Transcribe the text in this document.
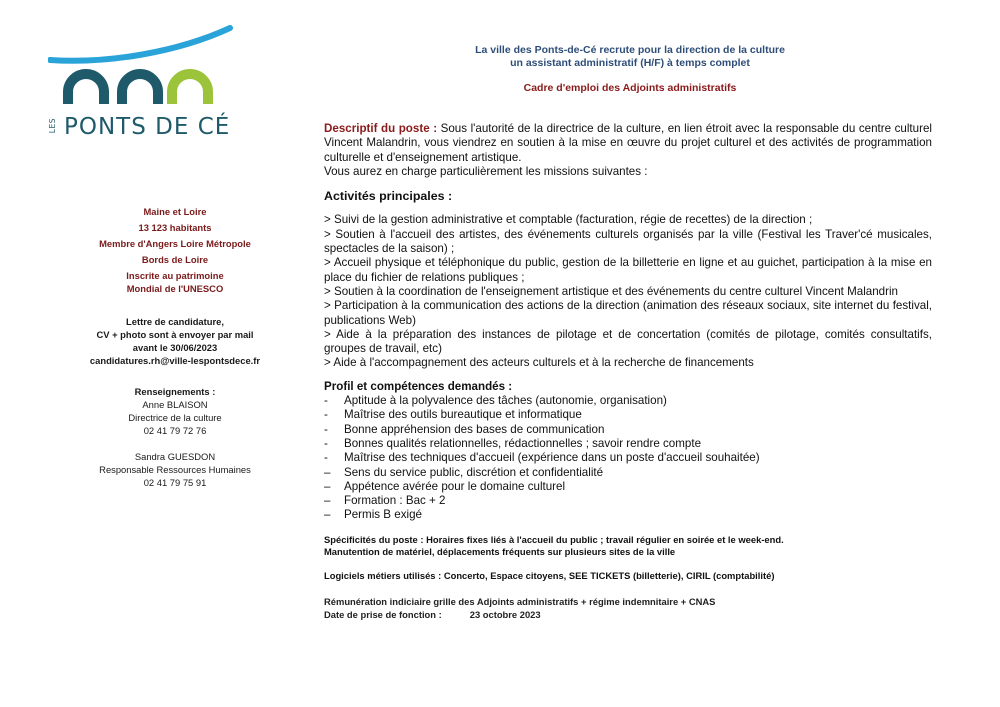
LES PONTS DE CÉ
La ville des Ponts-de-Cé recrute pour la direction de la culture
un assistant administratif (H/F) à temps complet
Cadre d'emploi des Adjoints administratifs
Maine et Loire
13 123 habitants
Membre d'Angers Loire Métropole
Bords de Loire
Inscrite au patrimoine
Mondial de l'UNESCO
Lettre de candidature,
CV + photo sont à envoyer par mail
avant le 30/06/2023
candidatures.rh@ville-lespontsdece.fr
Renseignements :
Anne BLAISON
Directrice de la culture
02 41 79 72 76
Sandra GUESDON
Responsable Ressources Humaines
02 41 79 75 91

Descriptif du poste : Sous l'autorité de la directrice de la culture, en lien étroit avec la responsable du centre culturel Vincent Malandrin, vous viendrez en soutien à la mise en œuvre du projet culturel et des activités de programmation culturelle et d'enseignement artistique.

Vous aurez en charge particulièrement les missions suivantes :

Activités principales :

> Suivi de la gestion administrative et comptable (facturation, régie de recettes) de la direction ;

> Soutien à l'accueil des artistes, des événements culturels organisés par la ville (Festival les Traver'cé musicales, spectacles de la saison) ;

> Accueil physique et téléphonique du public, gestion de la billetterie en ligne et au guichet, participation à la mise en place du fichier de relations publiques ;

> Soutien à la coordination de l'enseignement artistique et des événements du centre culturel Vincent Malandrin

> Participation à la communication des actions de la direction (animation des réseaux sociaux, site internet du festival, publications Web)

> Aide à la préparation des instances de pilotage et de concertation (comités de pilotage, comités consultatifs, groupes de travail, etc)

> Aide à l'accompagnement des acteurs culturels et à la recherche de financements

Profil et compétences demandés :
- Aptitude à la polyvalence des tâches (autonomie, organisation)
- Maîtrise des outils bureautique et informatique
- Bonne appréhension des bases de communication
- Bonnes qualités relationnelles, rédactionnelles ; savoir rendre compte
- Maîtrise des techniques d'accueil (expérience dans un poste d'accueil souhaitée)
– Sens du service public, discrétion et confidentialité
– Appétence avérée pour le domaine culturel
– Formation : Bac + 2
– Permis B exigé
Spécificités du poste : Horaires fixes liés à l'accueil du public ; travail régulier en soirée et le week-end.
Manutention de matériel, déplacements fréquents sur plusieurs sites de la ville
Logiciels métiers utilisés : Concerto, Espace citoyens, SEE TICKETS (billetterie), CIRIL (comptabilité)
Rémunération indiciaire grille des Adjoints administratifs + régime indemnitaire + CNAS
Date de prise de fonction :	23 octobre 2023
